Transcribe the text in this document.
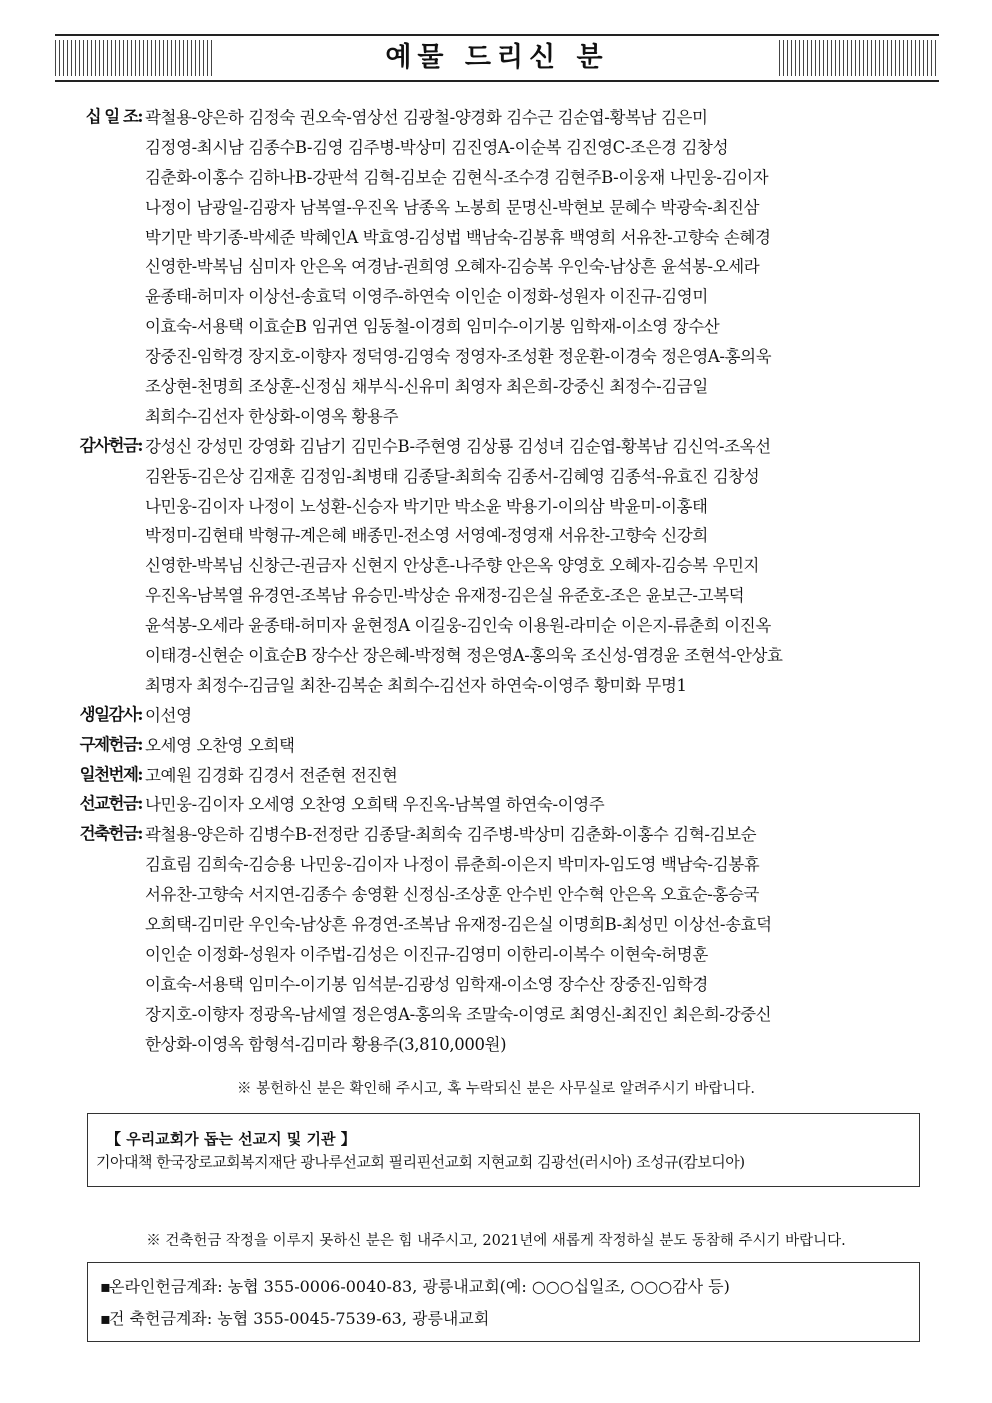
예물 드리신 분
십 일 조: 곽철용-양은하 김정숙 권오숙-염상선 김광철-양경화 김수근 김순엽-황복남 김은미
김정영-최시남 김종수B-김영 김주병-박상미 김진영A-이순복 김진영C-조은경 김창성
김춘화-이홍수 김하나B-강판석 김혁-김보순 김현식-조수경 김현주B-이웅재 나민웅-김이자
나정이 남광일-김광자 남복열-우진옥 남종옥 노봉희 문명신-박현보 문혜수 박광숙-최진삼
박기만 박기종-박세준 박혜인A 박효영-김성법 백남숙-김봉휴 백영희 서유찬-고향숙 손혜경
신영한-박복님 심미자 안은옥 여경남-권희영 오혜자-김승복 우인숙-남상흔 윤석봉-오세라
윤종태-허미자 이상선-송효덕 이영주-하연숙 이인순 이정화-성원자 이진규-김영미
이효숙-서용택 이효순B 임귀연 임동철-이경희 임미수-이기봉 임학재-이소영 장수산
장중진-임학경 장지호-이향자 정덕영-김영숙 정영자-조성환 정운환-이경숙 정은영A-홍의욱
조상현-천명희 조상훈-신정심 채부식-신유미 최영자 최은희-강중신 최정수-김금일
최희수-김선자 한상화-이영옥 황용주
감사헌금: 강성신 강성민 강영화 김남기 김민수B-주현영 김상룡 김성녀 김순엽-황복남 김신억-조옥선
김완동-김은상 김재훈 김정임-최병태 김종달-최희숙 김종서-김혜영 김종석-유효진 김창성
나민웅-김이자 나정이 노성환-신승자 박기만 박소윤 박용기-이의삼 박윤미-이홍태
박정미-김현태 박형규-계은혜 배종민-전소영 서영예-정영재 서유찬-고향숙 신강희
신영한-박복님 신창근-권금자 신현지 안상흔-나주향 안은옥 양영호 오혜자-김승복 우민지
우진옥-남복열 유경연-조복남 유승민-박상순 유재정-김은실 유준호-조은 윤보근-고복덕
윤석봉-오세라 윤종태-허미자 윤현정A 이길웅-김인숙 이용원-라미순 이은지-류춘희 이진옥
이태경-신현순 이효순B 장수산 장은혜-박정혁 정은영A-홍의욱 조신성-염경윤 조현석-안상효
최명자 최정수-김금일 최찬-김복순 최희수-김선자 하연숙-이영주 황미화 무명1
생일감사: 이선영
구제헌금: 오세영 오찬영 오희택
일천번제: 고예원 김경화 김경서 전준현 전진현
선교헌금: 나민웅-김이자 오세영 오찬영 오희택 우진옥-남복열 하연숙-이영주
건축헌금: 곽철용-양은하 김병수B-전정란 김종달-최희숙 김주병-박상미 김춘화-이홍수 김혁-김보순
김효림 김희숙-김승용 나민웅-김이자 나정이 류춘희-이은지 박미자-임도영 백남숙-김봉휴
서유찬-고향숙 서지연-김종수 송영환 신정심-조상훈 안수빈 안수혁 안은옥 오효순-홍승국
오희택-김미란 우인숙-남상흔 유경연-조복남 유재정-김은실 이명희B-최성민 이상선-송효덕
이인순 이정화-성원자 이주법-김성은 이진규-김영미 이한리-이복수 이현숙-허명훈
이효숙-서용택 임미수-이기봉 임석분-김광성 임학재-이소영 장수산 장중진-임학경
장지호-이향자 정광옥-남세열 정은영A-홍의욱 조말숙-이영로 최영신-최진인 최은희-강중신
한상화-이영옥 함형석-김미라 황용주(3,810,000원)
※ 봉헌하신 분은 확인해 주시고, 혹 누락되신 분은 사무실로 알려주시기 바랍니다.
【 우리교회가 돕는 선교지 및 기관 】
기아대책 한국장로교회복지재단 광나루선교회 필리핀선교회 지현교회 김광선(러시아) 조성규(캄보디아)
※ 건축헌금 작정을 이루지 못하신 분은 힘 내주시고, 2021년에 새롭게 작정하실 분도 동참해 주시기 바랍니다.
▪온라인헌금계좌: 농협 355-0006-0040-83, 광릉내교회(예: ○○○십일조, ○○○감사 등)
▪건 축헌금계좌: 농협 355-0045-7539-63, 광릉내교회
